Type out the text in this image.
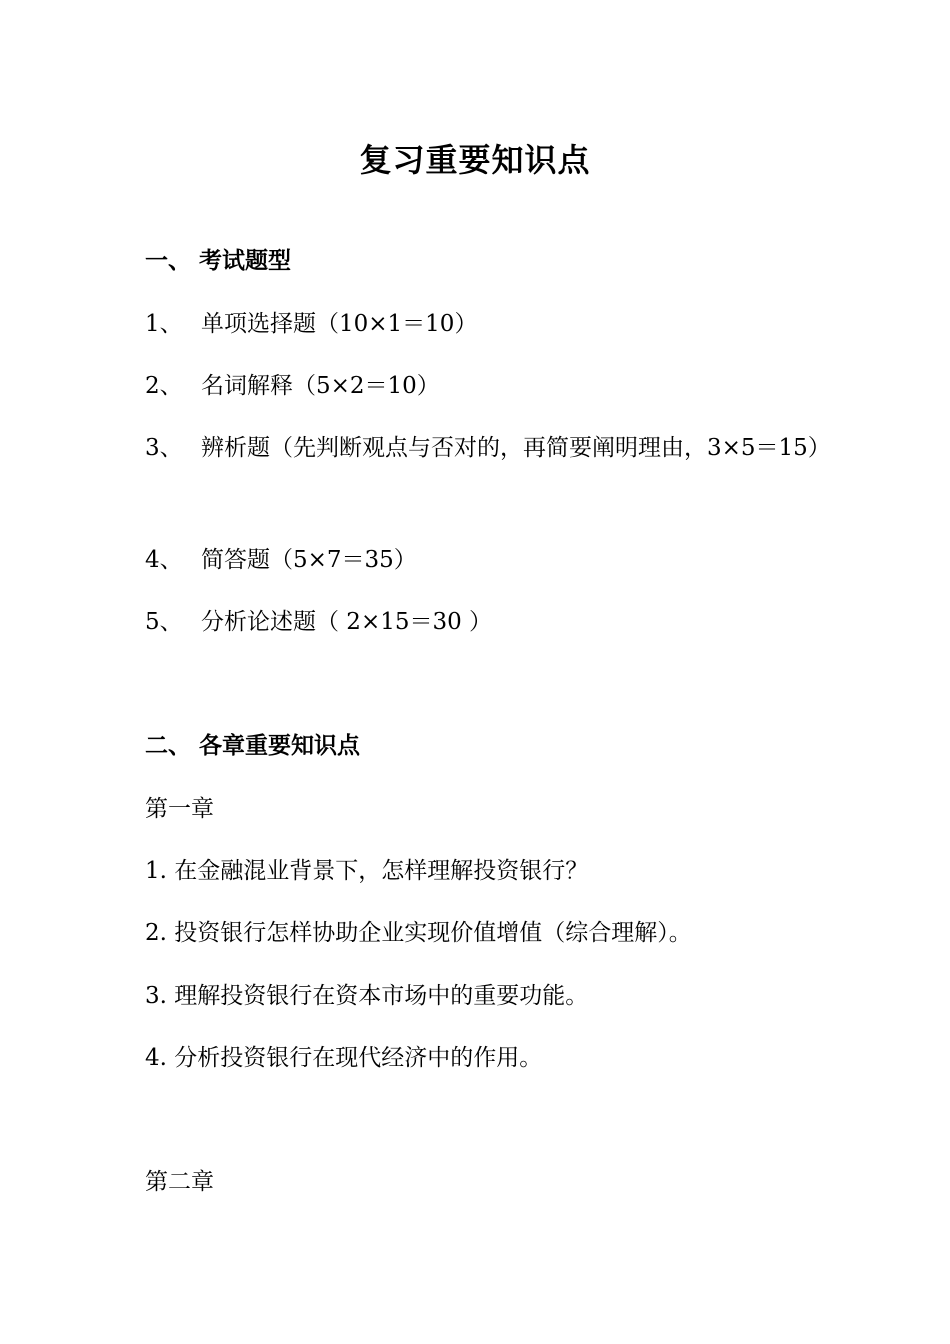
复习重要知识点
一、 考试题型
1、 单项选择题（10×1＝10）
2、 名词解释（5×2＝10）
3、 辨析题（先判断观点与否对的，再简要阐明理由，3×5＝15）
4、 简答题（5×7＝35）
5、 分析论述题（ 2×15＝30 ）
二、 各章重要知识点
第一章
1. 在金融混业背景下，怎样理解投资银行？
2. 投资银行怎样协助企业实现价值增值（综合理解）。
3. 理解投资银行在资本市场中的重要功能。
4. 分析投资银行在现代经济中的作用。
第二章
